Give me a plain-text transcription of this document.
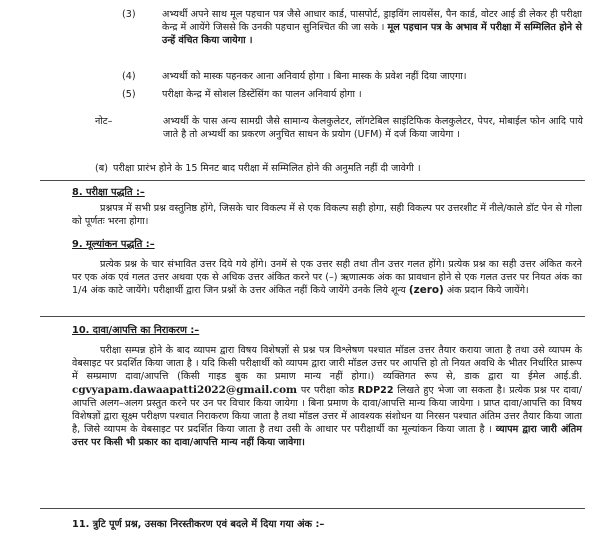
(3)	अभ्यर्थी अपने साथ मूल पहचान पत्र जैसे आधार कार्ड, पासपोर्ट, ड्राइविंग लायसेंस, पैन कार्ड, वोटर आई डी लेकर ही परीक्षा केन्द्र में आयेंगे जिससे कि उनकी पहचान सुनिश्चित की जा सके । मूल पहचान पत्र के अभाव में परीक्षा में सम्मिलित होने से उन्हें वंचित किया जायेगा ।
(4)	अभ्यर्थी को मास्क पहनकर आना अनिवार्य होगा । बिना मास्क के प्रवेश नहीं दिया जाएगा।
(5)	परीक्षा केन्द्र में सोशल डिस्टेंसिंग का पालन अनिवार्य होगा ।
नोट–	अभ्यर्थी के पास अन्य सामग्री जैसे सामान्य केलकुलेटर, लॉगटेबिल साइंटिफिक केलकुलेटर, पेपर, मोबाईल फोन आदि पाये जाते है तो अभ्यर्थी का प्रकरण अनुचित साधन के प्रयोग (UFM) में दर्ज किया जायेगा ।
(ब) परीक्षा प्रारंभ होने के 15 मिनट बाद परीक्षा में सम्मिलित होने की अनुमति नहीं दी जावेगी ।
8. परीक्षा पद्धति :–
प्रश्नपत्र में सभी प्रश्न वस्तुनिष्ठ होंगे, जिसके चार विकल्प में से एक विकल्प सही होगा, सही विकल्प पर उत्तरशीट में नीले/काले डॉट पेन से गोला को पूर्णतः भरना होगा।
9. मूल्यांकन पद्धति :–
प्रत्येक प्रश्न के चार संभावित उत्तर दिये गये होंगे। उनमें से एक उत्तर सही तथा तीन उत्तर गलत होंगे। प्रत्येक प्रश्न का सही उत्तर अंकित करने पर एक अंक एवं गलत उत्तर अथवा एक से अधिक उत्तर अंकित करने पर (–) ऋणात्मक अंक का प्रावधान होने से एक गलत उत्तर पर नियत अंक का 1/4 अंक काटे जायेंगे। परीक्षार्थी द्वारा जिन प्रश्नों के उत्तर अंकित नहीं किये जायेंगे उनके लिये शून्य (zero) अंक प्रदान किये जायेंगे।
10. दावा/आपत्ति का निराकरण :–
परीक्षा सम्पन्न होने के बाद व्यापम द्वारा विषय विशेषज्ञों से प्रश्न पत्र विश्लेषण पश्चात मॉडल उत्तर तैयार कराया जाता है तथा उसे व्यापम के वेबसाइट पर प्रदर्शित किया जाता है । यदि किसी परीक्षार्थी को व्यापम द्वारा जारी मॉडल उत्तर पर आपत्ति हो तो नियत अवधि के भीतर निर्धारित प्रारूप में सम्प्रमाण दावा/आपत्ति (किसी गाइड बुक का प्रमाण मान्य नहीं होगा।) व्यक्तिगत रूप से, डाक द्वारा या ईमेल आई.डी. cgvyapam.dawaapatti2022@gmail.com पर परीक्षा कोड RDP22 लिखते हुए भेजा जा सकता है। प्रत्येक प्रश्न पर दावा/आपत्ति अलग–अलग प्रस्तुत करने पर उन पर विचार किया जायेगा । बिना प्रमाण के दावा/आपत्ति मान्य किया जायेगा । प्राप्त दावा/आपत्ति का विषय विशेषज्ञों द्वारा सूक्ष्म परीक्षण पश्चात निराकरण किया जाता है तथा मॉडल उत्तर में आवश्यक संशोधन या निरसन पश्चात अंतिम उत्तर तैयार किया जाता है, जिसे व्यापम के वेबसाइट पर प्रदर्शित किया जाता है तथा उसी के आधार पर परीक्षार्थी का मूल्यांकन किया जाता है । व्यापम द्वारा जारी अंतिम उत्तर पर किसी भी प्रकार का दावा/आपत्ति मान्य नहीं किया जावेगा।
11. त्रुटि पूर्ण प्रश्न, उसका निरस्तीकरण एवं बदले में दिया गया अंक :–
